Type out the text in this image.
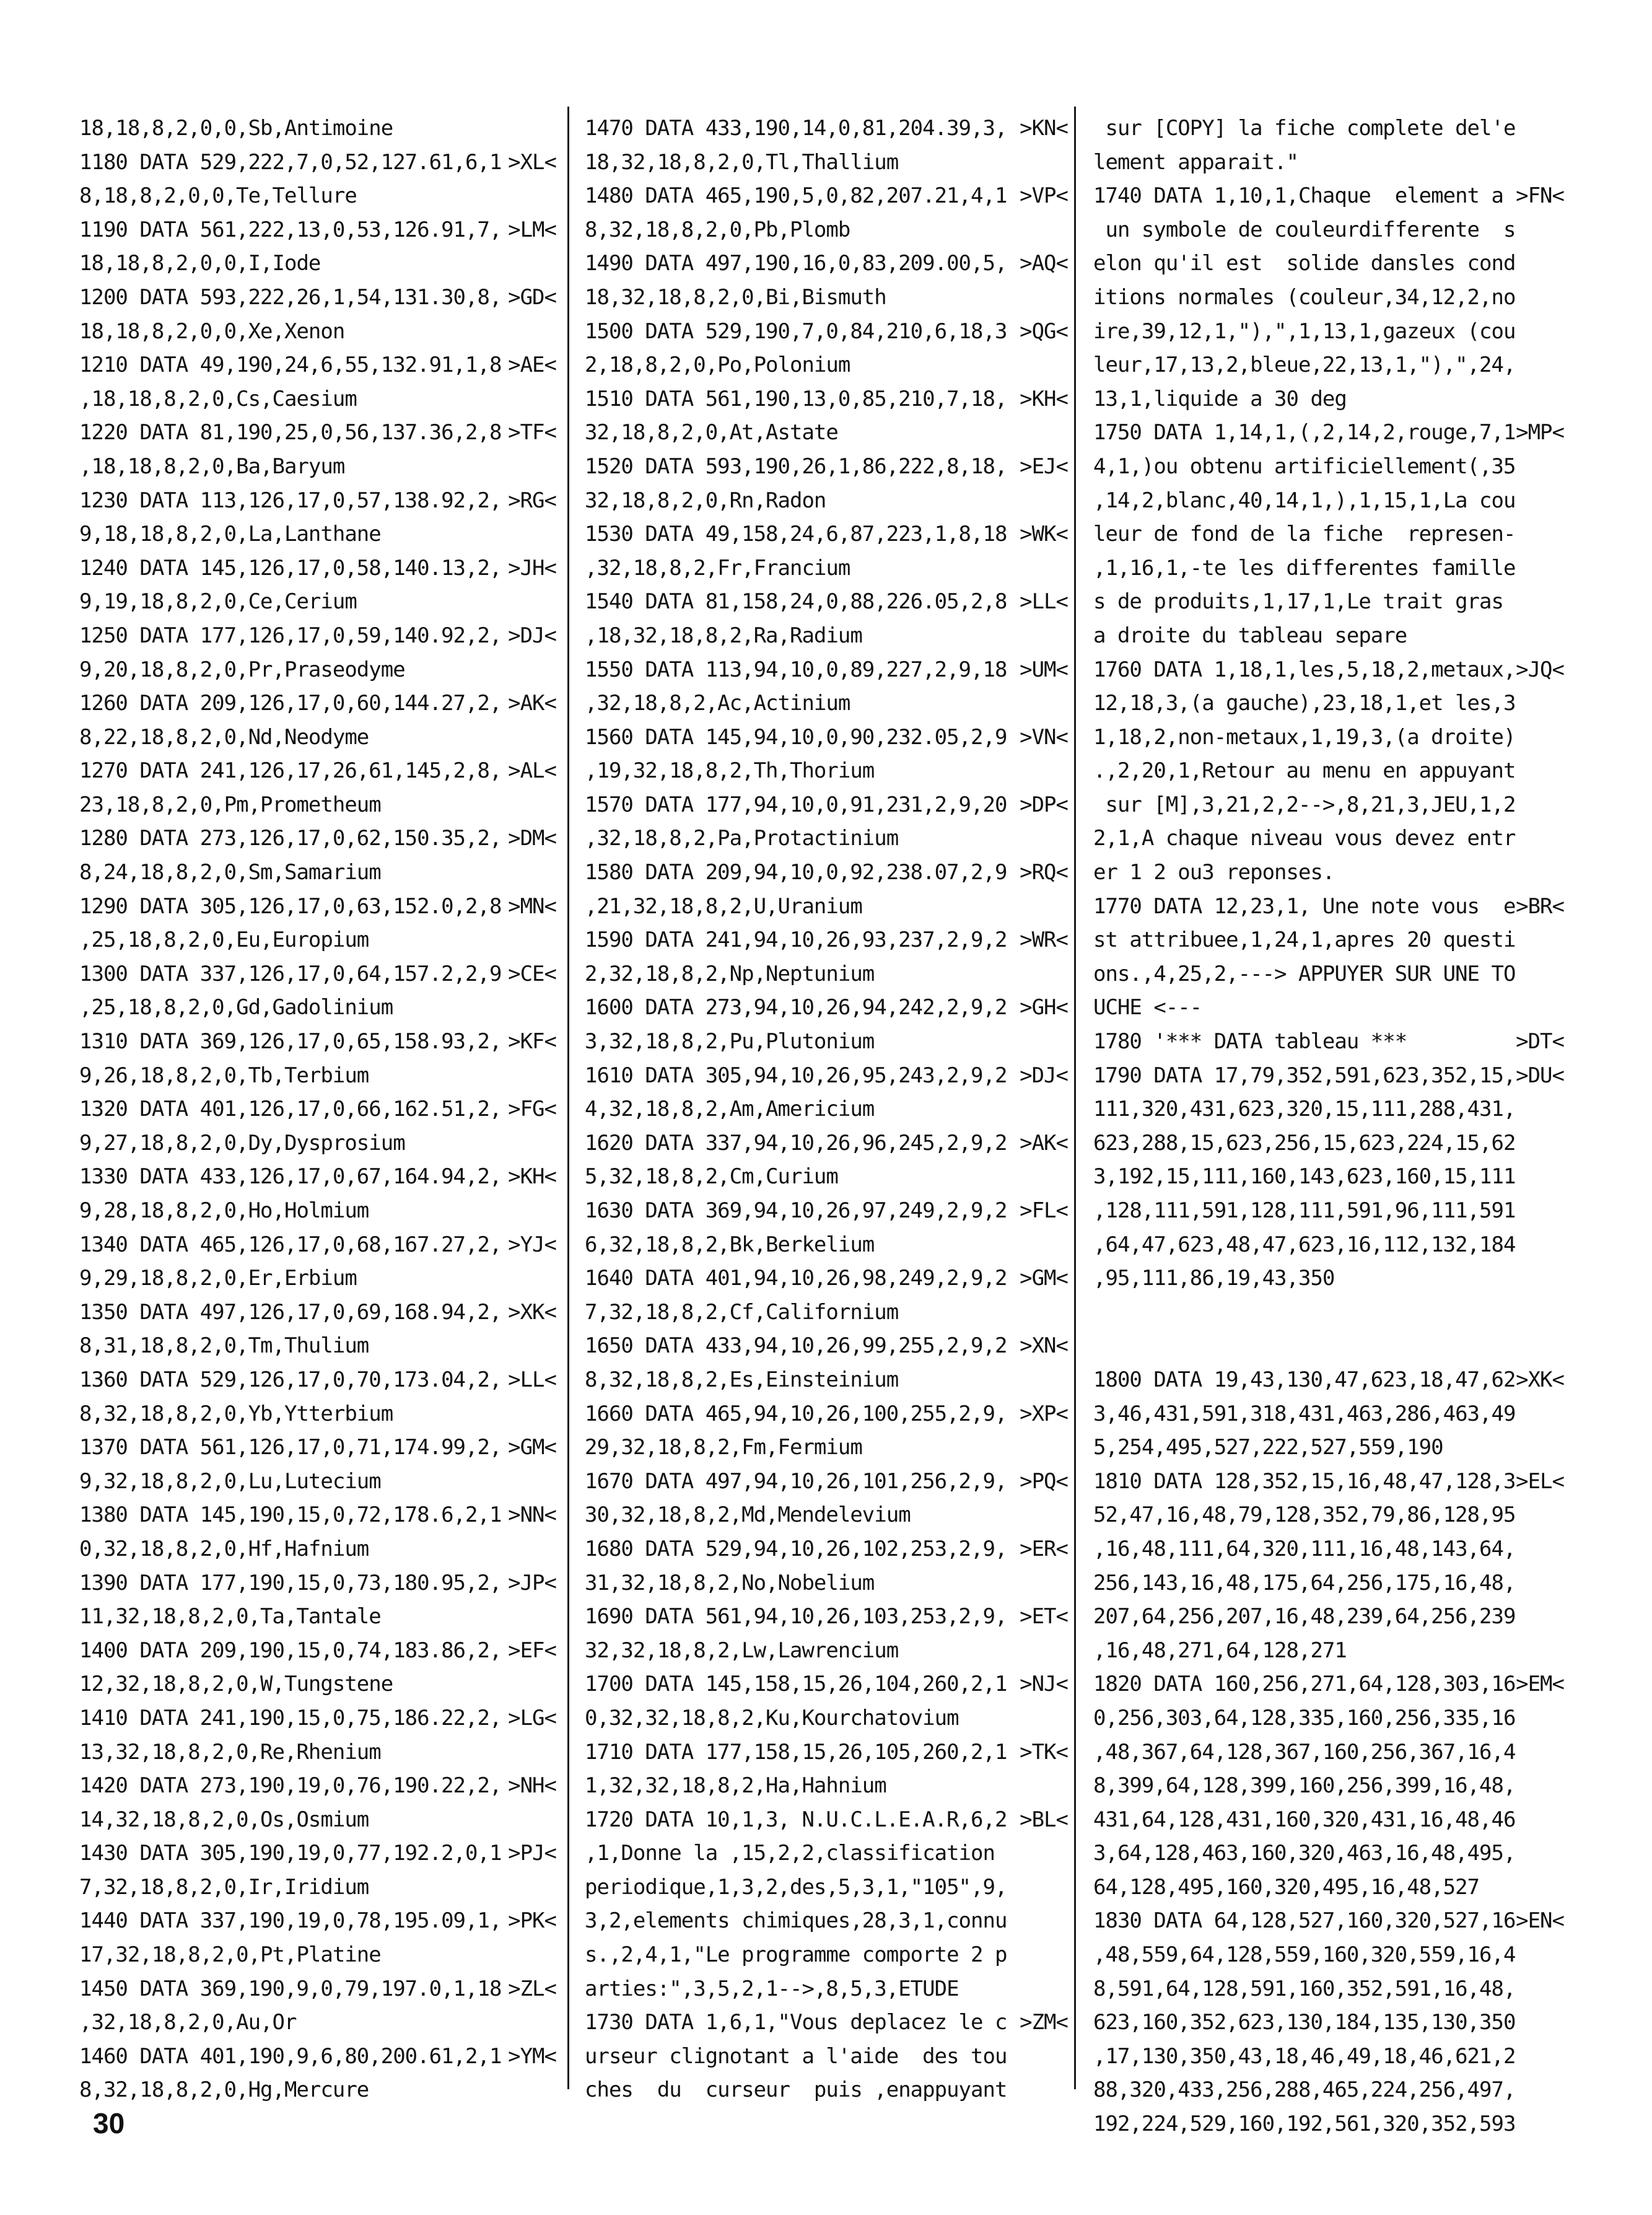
18,18,8,2,0,0,Sb,Antimoine
1180 DATA 529,222,7,0,52,127.61,6,1 >XL<
8,18,8,2,0,0,Te,Tellure
1190 DATA 561,222,13,0,53,126.91,7, >LM<
18,18,8,2,0,0,I,Iode
1200 DATA 593,222,26,1,54,131.30,8, >GD<
18,18,8,2,0,0,Xe,Xenon
1210 DATA 49,190,24,6,55,132.91,1,8 >AE<
,18,18,8,2,0,Cs,Caesium
1220 DATA 81,190,25,0,56,137.36,2,8 >TF<
,18,18,8,2,0,Ba,Baryum
1230 DATA 113,126,17,0,57,138.92,2, >RG<
9,18,18,8,2,0,La,Lanthane
1240 DATA 145,126,17,0,58,140.13,2, >JH<
9,19,18,8,2,0,Ce,Cerium
1250 DATA 177,126,17,0,59,140.92,2, >DJ<
9,20,18,8,2,0,Pr,Praseodyme
1260 DATA 209,126,17,0,60,144.27,2, >AK<
8,22,18,8,2,0,Nd,Neodyme
1270 DATA 241,126,17,26,61,145,2,8, >AL<
23,18,8,2,0,Pm,Prometheum
1280 DATA 273,126,17,0,62,150.35,2, >DM<
8,24,18,8,2,0,Sm,Samarium
1290 DATA 305,126,17,0,63,152.0,2,8 >MN<
,25,18,8,2,0,Eu,Europium
1300 DATA 337,126,17,0,64,157.2,2,9 >CE<
,25,18,8,2,0,Gd,Gadolinium
1310 DATA 369,126,17,0,65,158.93,2, >KF<
9,26,18,8,2,0,Tb,Terbium
1320 DATA 401,126,17,0,66,162.51,2, >FG<
9,27,18,8,2,0,Dy,Dysprosium
1330 DATA 433,126,17,0,67,164.94,2, >KH<
9,28,18,8,2,0,Ho,Holmium
1340 DATA 465,126,17,0,68,167.27,2, >YJ<
9,29,18,8,2,0,Er,Erbium
1350 DATA 497,126,17,0,69,168.94,2, >XK<
8,31,18,8,2,0,Tm,Thulium
1360 DATA 529,126,17,0,70,173.04,2, >LL<
8,32,18,8,2,0,Yb,Ytterbium
1370 DATA 561,126,17,0,71,174.99,2, >GM<
9,32,18,8,2,0,Lu,Lutecium
1380 DATA 145,190,15,0,72,178.6,2,1 >NN<
0,32,18,8,2,0,Hf,Hafnium
1390 DATA 177,190,15,0,73,180.95,2, >JP<
11,32,18,8,2,0,Ta,Tantale
1400 DATA 209,190,15,0,74,183.86,2, >EF<
12,32,18,8,2,0,W,Tungstene
1410 DATA 241,190,15,0,75,186.22,2, >LG<
13,32,18,8,2,0,Re,Rhenium
1420 DATA 273,190,19,0,76,190.22,2, >NH<
14,32,18,8,2,0,Os,Osmium
1430 DATA 305,190,19,0,77,192.2,0,1 >PJ<
7,32,18,8,2,0,Ir,Iridium
1440 DATA 337,190,19,0,78,195.09,1, >PK<
17,32,18,8,2,0,Pt,Platine
1450 DATA 369,190,9,0,79,197.0,1,18 >ZL<
,32,18,8,2,0,Au,Or
1460 DATA 401,190,9,6,80,200.61,2,1 >YM<
8,32,18,8,2,0,Hg,Mercure
1470 DATA 433,190,14,0,81,204.39,3, >KN<
18,32,18,8,2,0,Tl,Thallium
1480 DATA 465,190,5,0,82,207.21,4,1 >VP<
8,32,18,8,2,0,Pb,Plomb
1490 DATA 497,190,16,0,83,209.00,5, >AQ<
18,32,18,8,2,0,Bi,Bismuth
1500 DATA 529,190,7,0,84,210,6,18,3 >QG<
2,18,8,2,0,Po,Polonium
1510 DATA 561,190,13,0,85,210,7,18, >KH<
32,18,8,2,0,At,Astate
1520 DATA 593,190,26,1,86,222,8,18, >EJ<
32,18,8,2,0,Rn,Radon
1530 DATA 49,158,24,6,87,223,1,8,18 >WK<
,32,18,8,2,Fr,Francium
1540 DATA 81,158,24,0,88,226.05,2,8 >LL<
,18,32,18,8,2,Ra,Radium
1550 DATA 113,94,10,0,89,227,2,9,18 >UM<
,32,18,8,2,Ac,Actinium
1560 DATA 145,94,10,0,90,232.05,2,9 >VN<
,19,32,18,8,2,Th,Thorium
1570 DATA 177,94,10,0,91,231,2,9,20 >DP<
,32,18,8,2,Pa,Protactinium
1580 DATA 209,94,10,0,92,238.07,2,9 >RQ<
,21,32,18,8,2,U,Uranium
1590 DATA 241,94,10,26,93,237,2,9,2 >WR<
2,32,18,8,2,Np,Neptunium
1600 DATA 273,94,10,26,94,242,2,9,2 >GH<
3,32,18,8,2,Pu,Plutonium
1610 DATA 305,94,10,26,95,243,2,9,2 >DJ<
4,32,18,8,2,Am,Americium
1620 DATA 337,94,10,26,96,245,2,9,2 >AK<
5,32,18,8,2,Cm,Curium
1630 DATA 369,94,10,26,97,249,2,9,2 >FL<
6,32,18,8,2,Bk,Berkelium
1640 DATA 401,94,10,26,98,249,2,9,2 >GM<
7,32,18,8,2,Cf,Californium
1650 DATA 433,94,10,26,99,255,2,9,2 >XN<
8,32,18,8,2,Es,Einsteinium
1660 DATA 465,94,10,26,100,255,2,9, >XP<
29,32,18,8,2,Fm,Fermium
1670 DATA 497,94,10,26,101,256,2,9, >PQ<
30,32,18,8,2,Md,Mendelevium
1680 DATA 529,94,10,26,102,253,2,9, >ER<
31,32,18,8,2,No,Nobelium
1690 DATA 561,94,10,26,103,253,2,9, >ET<
32,32,18,8,2,Lw,Lawrencium
1700 DATA 145,158,15,26,104,260,2,1 >NJ<
0,32,32,18,8,2,Ku,Kourchatovium
1710 DATA 177,158,15,26,105,260,2,1 >TK<
1,32,32,18,8,2,Ha,Hahnium
1720 DATA 10,1,3, N.U.C.L.E.A.R,6,2 >BL<
,1,Donne la ,15,2,2,classification
periodique,1,3,2,des,5,3,1,"105",9,
3,2,elements chimiques,28,3,1,connu
s.,2,4,1,"Le programme comporte 2 p
arties:",3,5,2,1-->,8,5,3,ETUDE
1730 DATA 1,6,1,"Vous deplacez le c >ZM<
urseur clignotant a l'aide  des tou
ches  du  curseur  puis ,enappuyant
sur [COPY] la fiche complete del'e
lement apparait."
1740 DATA 1,10,1,Chaque  element a >FN<
un symbole de couleurdifferente  s
elon qu'il est  solide dansles cond
itions normales (couleur,34,12,2,no
ire,39,12,1,"),",1,13,1,gazeux (cou
leur,17,13,2,bleue,22,13,1,"),",24,
13,1,liquide a 30 deg
1750 DATA 1,14,1,(,2,14,2,rouge,7,1 >MP<
4,1,)ou obtenu artificiellement(,35
,14,2,blanc,40,14,1,),1,15,1,La cou
leur de fond de la fiche  represen-
,1,16,1,-te les differentes famille
s de produits,1,17,1,Le trait gras
a droite du tableau separe
1760 DATA 1,18,1,les,5,18,2,metaux, >JQ<
12,18,3,(a gauche),23,18,1,et les,3
1,18,2,non-metaux,1,19,3,(a droite)
.,2,20,1,Retour au menu en appuyant
sur [M],3,21,2,2-->,8,21,3,JEU,1,2
2,1,A chaque niveau vous devez entr
er 1 2 ou3 reponses.
1770 DATA 12,23,1, Une note vous  e >BR<
st attribuee,1,24,1,apres 20 questi
ons.,4,25,2,---> APPUYER SUR UNE TO
UCHE <---
1780 '*** DATA tableau ***	>DT<
1790 DATA 17,79,352,591,623,352,15, >DU<
111,320,431,623,320,15,111,288,431,
623,288,15,623,256,15,623,224,15,62
3,192,15,111,160,143,623,160,15,111
,128,111,591,128,111,591,96,111,591
,64,47,623,48,47,623,16,112,132,184
,95,111,86,19,43,350
1800 DATA 19,43,130,47,623,18,47,62 >XK<
3,46,431,591,318,431,463,286,463,49
5,254,495,527,222,527,559,190
1810 DATA 128,352,15,16,48,47,128,3 >EL<
52,47,16,48,79,128,352,79,86,128,95
,16,48,111,64,320,111,16,48,143,64,
256,143,16,48,175,64,256,175,16,48,
207,64,256,207,16,48,239,64,256,239
,16,48,271,64,128,271
1820 DATA 160,256,271,64,128,303,16 >EM<
0,256,303,64,128,335,160,256,335,16
,48,367,64,128,367,160,256,367,16,4
8,399,64,128,399,160,256,399,16,48,
431,64,128,431,160,320,431,16,48,46
3,64,128,463,160,320,463,16,48,495,
64,128,495,160,320,495,16,48,527
1830 DATA 64,128,527,160,320,527,16 >EN<
,48,559,64,128,559,160,320,559,16,4
8,591,64,128,591,160,352,591,16,48,
623,160,352,623,130,184,135,130,350
,17,130,350,43,18,46,49,18,46,621,2
88,320,433,256,288,465,224,256,497,
192,224,529,160,192,561,320,352,593
30
